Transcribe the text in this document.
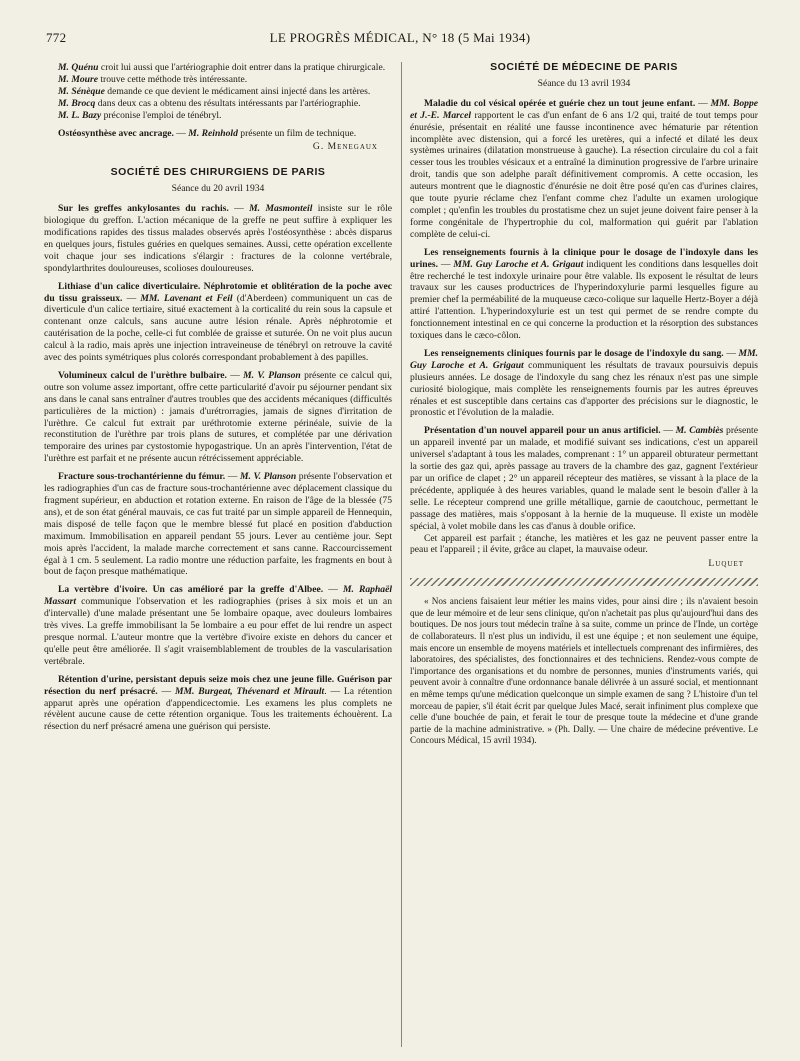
772	LE PROGRÈS MÉDICAL, N° 18 (5 Mai 1934)

M. Quénu croit lui aussi que l'artériographie doit entrer dans la pratique chirurgicale.

M. Moure trouve cette méthode très intéressante.

M. Sénèque demande ce que devient le médicament ainsi injecté dans les artères.

M. Brocq dans deux cas a obtenu des résultats intéressants par l'artériographie.

M. L. Bazy préconise l'emploi de ténébryl.

Ostéosynthèse avec ancrage. — M. Reinhold présente un film de technique.

G. Menegaux

SOCIÉTÉ DES CHIRURGIENS DE PARIS
Séance du 20 avril 1934

Sur les greffes ankylosantes du rachis. — M. Masmonteil insiste sur le rôle biologique du greffon. L'action mécanique de la greffe ne peut suffire à expliquer les modifications rapides des tissus malades observés après l'ostéosynthèse : abcès disparus en quelques jours, fistules guéries en quelques semaines. Aussi, cette opération excellente voit chaque jour ses indications s'élargir : fractures de la colonne vertébrale, spondylarthrites douloureuses, scolioses douloureuses.

Lithiase d'un calice diverticulaire. Néphrotomie et oblitération de la poche avec du tissu graisseux. — MM. Lavenant et Feil (d'Aberdeen) communiquent un cas de diverticule d'un calice tertiaire, situé exactement à la corticalité du rein sous la capsule et contenant onze calculs, sans aucune autre lésion rénale. Après néphrotomie et cautérisation de la poche, celle-ci fut comblée de graisse et suturée. On ne voit plus aucun calcul à la radio, mais après une injection intraveineuse de ténébryl on retrouve la cavité avec des points symétriques plus colorés correspondant probablement à des papilles.

Volumineux calcul de l'urèthre bulbaire. — M. V. Planson présente ce calcul qui, outre son volume assez important, offre cette particularité d'avoir pu séjourner pendant six ans dans le canal sans entraîner d'autres troubles que des accidents mécaniques (difficultés particulières de la miction) : jamais d'urétrorragies, jamais de signes d'irritation de l'urèthre. Ce calcul fut extrait par uréthrotomie externe périnéale, suivie de la reconstitution de l'urèthre par trois plans de sutures, et complétée par une dérivation temporaire des urines par cystostomie hypogastrique. Un an après l'intervention, l'état de l'urèthre est parfait et ne présente aucun rétrécissement appréciable.

Fracture sous-trochantérienne du fémur. — M. V. Planson présente l'observation et les radiographies d'un cas de fracture sous-trochantérienne avec déplacement classique du fragment supérieur, en abduction et rotation externe. En raison de l'âge de la blessée (75 ans), et de son état général mauvais, ce cas fut traité par un simple appareil de Hennequin, mais disposé de telle façon que le membre blessé fut placé en position d'abduction maximum. Immobilisation en appareil pendant 55 jours. Lever au centième jour. Sept mois après l'accident, la malade marche correctement et sans canne. Raccourcissement égal à 1 cm. 5 seulement. La radio montre une réduction parfaite, les fragments en bout à bout de façon presque mathématique.

La vertèbre d'ivoire. Un cas amélioré par la greffe d'Albee. — M. Raphaël Massart communique l'observation et les radiographies (prises à six mois et un an d'intervalle) d'une malade présentant une 5e lombaire opaque, avec douleurs lombaires très vives. La greffe immobilisant la 5e lombaire a eu pour effet de lui rendre un aspect presque normal. L'auteur montre que la vertèbre d'ivoire existe en dehors du cancer et qu'elle peut être améliorée. Il s'agit vraisemblablement de troubles de la vascularisation vertébrale.

Rétention d'urine, persistant depuis seize mois chez une jeune fille. Guérison par résection du nerf présacré. — MM. Burgeat, Thévenard et Mirault. — La rétention apparut après une opération d'appendicectomie. Les examens les plus complets ne révèlent aucune cause de cette rétention organique. Tous les traitements échouèrent. La résection du nerf présacré amena une guérison qui persiste.

SOCIÉTÉ DE MÉDECINE DE PARIS
Séance du 13 avril 1934

Maladie du col vésical opérée et guérie chez un tout jeune enfant. — MM. Boppe et J.-E. Marcel rapportent le cas d'un enfant de 6 ans 1/2 qui, traité de tout temps pour énurésie, présentait en réalité une fausse incontinence avec hématurie par rétention incomplète avec distension, qui a forcé les uretères, qui a infecté et dilaté les deux systèmes urinaires (dilatation monstrueuse à gauche). La résection circulaire du col a fait cesser tous les troubles vésicaux et a entraîné la diminution progressive de l'arbre urinaire droit, tandis que son adelphe paraît définitivement compromis. A cette occasion, les auteurs montrent que le diagnostic d'énurésie ne doit être posé qu'en cas d'urines claires, que toute pyurie réclame chez l'enfant comme chez l'adulte un examen urologique complet ; qu'enfin les troubles du prostatisme chez un sujet jeune doivent faire penser à la forme congénitale de l'hypertrophie du col, malformation qui guérit par l'ablation complète de celui-ci.

Les renseignements fournis à la clinique pour le dosage de l'indoxyle dans les urines. — MM. Guy Laroche et A. Grigaut indiquent les conditions dans lesquelles doit être recherché le test indoxyle urinaire pour être valable. Ils exposent le résultat de leurs travaux sur les causes productrices de l'hyperindoxylurie parmi lesquelles figure au premier chef la perméabilité de la muqueuse cæco-colique sur laquelle Hertz-Boyer a déjà attiré l'attention. L'hyperindoxylurie est un test qui permet de se rendre compte du fonctionnement intestinal en ce qui concerne la production et la résorption des substances toxiques dans le cæco-côlon.

Les renseignements cliniques fournis par le dosage de l'indoxyle du sang. — MM. Guy Laroche et A. Grigaut communiquent les résultats de travaux poursuivis depuis plusieurs années. Le dosage de l'indoxyle du sang chez les rénaux n'est pas une simple curiosité biologique, mais complète les renseignements fournis par les autres épreuves rénales et est susceptible dans certains cas d'apporter des précisions sur le diagnostic, le pronostic et l'évolution de la maladie.

Présentation d'un nouvel appareil pour un anus artificiel. — M. Cambiès présente un appareil inventé par un malade, et modifié suivant ses indications, c'est un appareil universel s'adaptant à tous les malades, comprenant : 1° un appareil obturateur permettant la sortie des gaz qui, après passage au travers de la chambre des gaz, gagnent l'extérieur par un orifice de clapet ; 2° un appareil récepteur des matières, se vissant à la place de la précédente, appliquée à des heures variables, quand le malade sent le besoin d'aller à la selle. Le récepteur comprend une grille métallique, garnie de caoutchouc, permettant le passage des matières, mais s'opposant à la hernie de la muqueuse. Il existe un modèle spécial, à volet mobile dans les cas d'anus à double orifice.

Cet appareil est parfait ; étanche, les matières et les gaz ne peuvent passer entre la peau et l'appareil ; il évite, grâce au clapet, la mauvaise odeur.

Luquet

« Nos anciens faisaient leur métier les mains vides, pour ainsi dire ; ils n'avaient besoin que de leur mémoire et de leur sens clinique, qu'on n'achetait pas plus qu'aujourd'hui dans des boutiques. De nos jours tout médecin traîne à sa suite, comme un prince de l'Inde, un cortège de collaborateurs. Il n'est plus un individu, il est une équipe ; et non seulement une équipe, mais encore un ensemble de moyens matériels et intellectuels comprenant des infirmières, des laboratoires, des spécialistes, des fonctionnaires et des techniciens. Rendez-vous compte de l'importance des organisations et du nombre de personnes, munies d'instruments variés, qui peuvent avoir à connaître d'une ordonnance banale délivrée à un assuré social, et mentionnant en même temps qu'une médication quelconque un simple examen de sang ? L'histoire d'un tel morceau de papier, s'il était écrit par quelque Jules Macé, serait infiniment plus complexe que celle d'une bouchée de pain, et ferait le tour de presque toute la médecine et d'une grande partie de la machine administrative. » (Ph. Dally. — Une chaire de médecine préventive. Le Concours Médical, 15 avril 1934).
